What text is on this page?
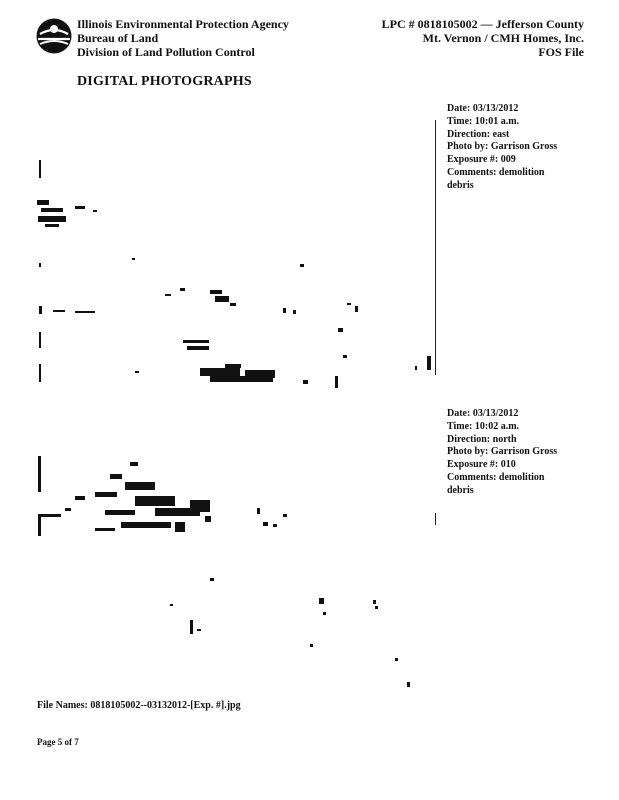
Illinois Environmental Protection Agency
Bureau of Land
Division of Land Pollution Control
LPC # 0818105002 — Jefferson County
Mt. Vernon / CMH Homes, Inc.
FOS File
DIGITAL PHOTOGRAPHS
Date: 03/13/2012
Time: 10:01 a.m.
Direction: east
Photo by: Garrison Gross
Exposure #: 009
Comments: demolition
debris
Date: 03/13/2012
Time: 10:02 a.m.
Direction: north
Photo by: Garrison Gross
Exposure #: 010
Comments: demolition
debris
File Names: 0818105002--03132012-[Exp. #].jpg
Page 5 of 7
